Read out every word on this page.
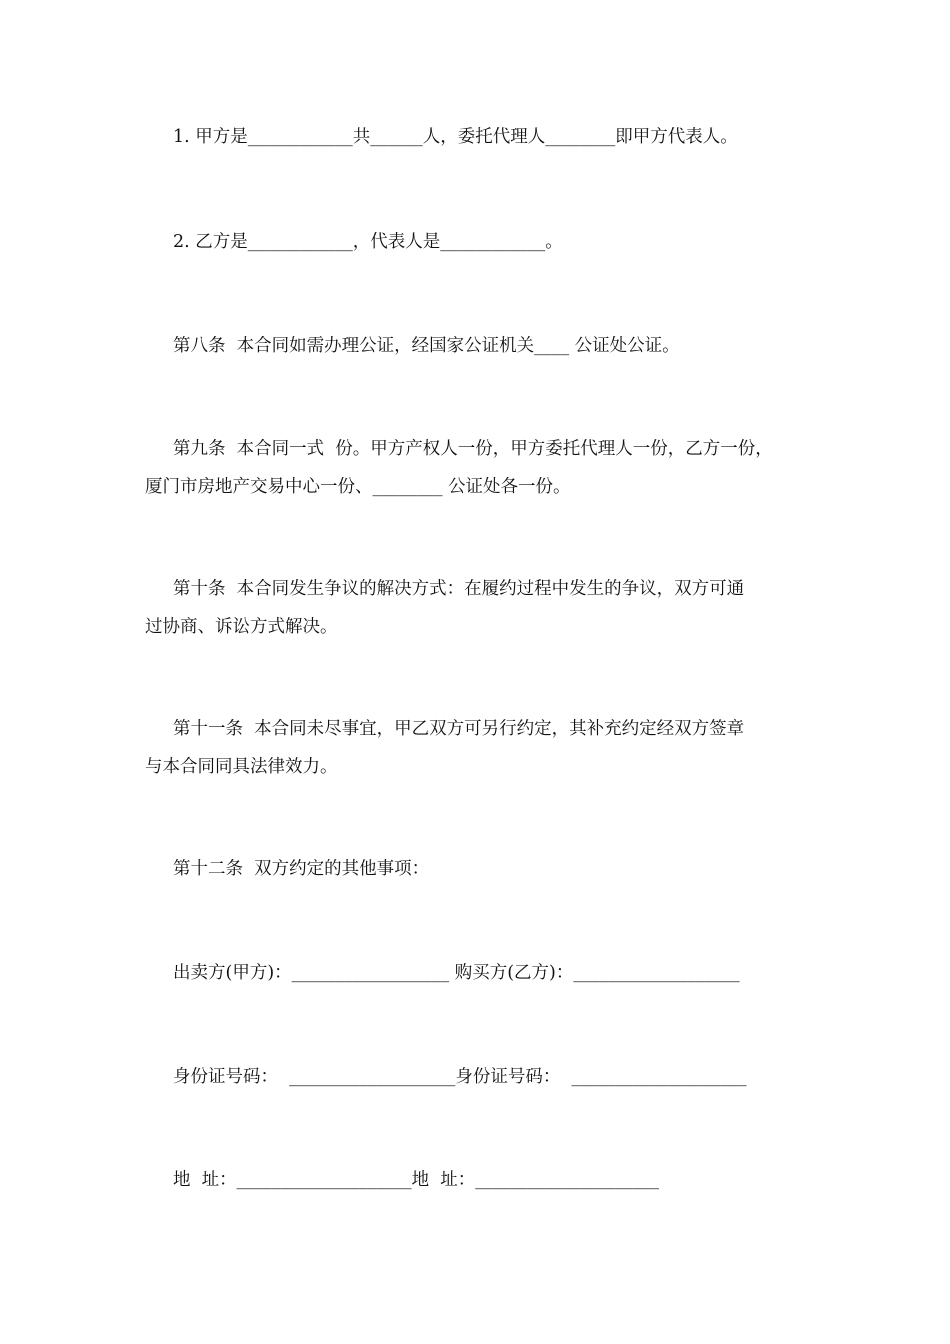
1. 甲方是____________共______人，委托代理人________即甲方代表人。
2. 乙方是____________，代表人是____________。
第八条  本合同如需办理公证，经国家公证机关____ 公证处公证。
第九条  本合同一式  份。甲方产权人一份，甲方委托代理人一份，乙方一份，
厦门市房地产交易中心一份、________ 公证处各一份。
第十条  本合同发生争议的解决方式：在履约过程中发生的争议，双方可通
过协商、诉讼方式解决。
第十一条  本合同未尽事宜，甲乙双方可另行约定，其补充约定经双方签章
与本合同同具法律效力。
第十二条  双方约定的其他事项：
出卖方(甲方)：__________________ 购买方(乙方)：___________________
身份证号码：  ___________________身份证号码：  ____________________
地  址：____________________地  址：_____________________
